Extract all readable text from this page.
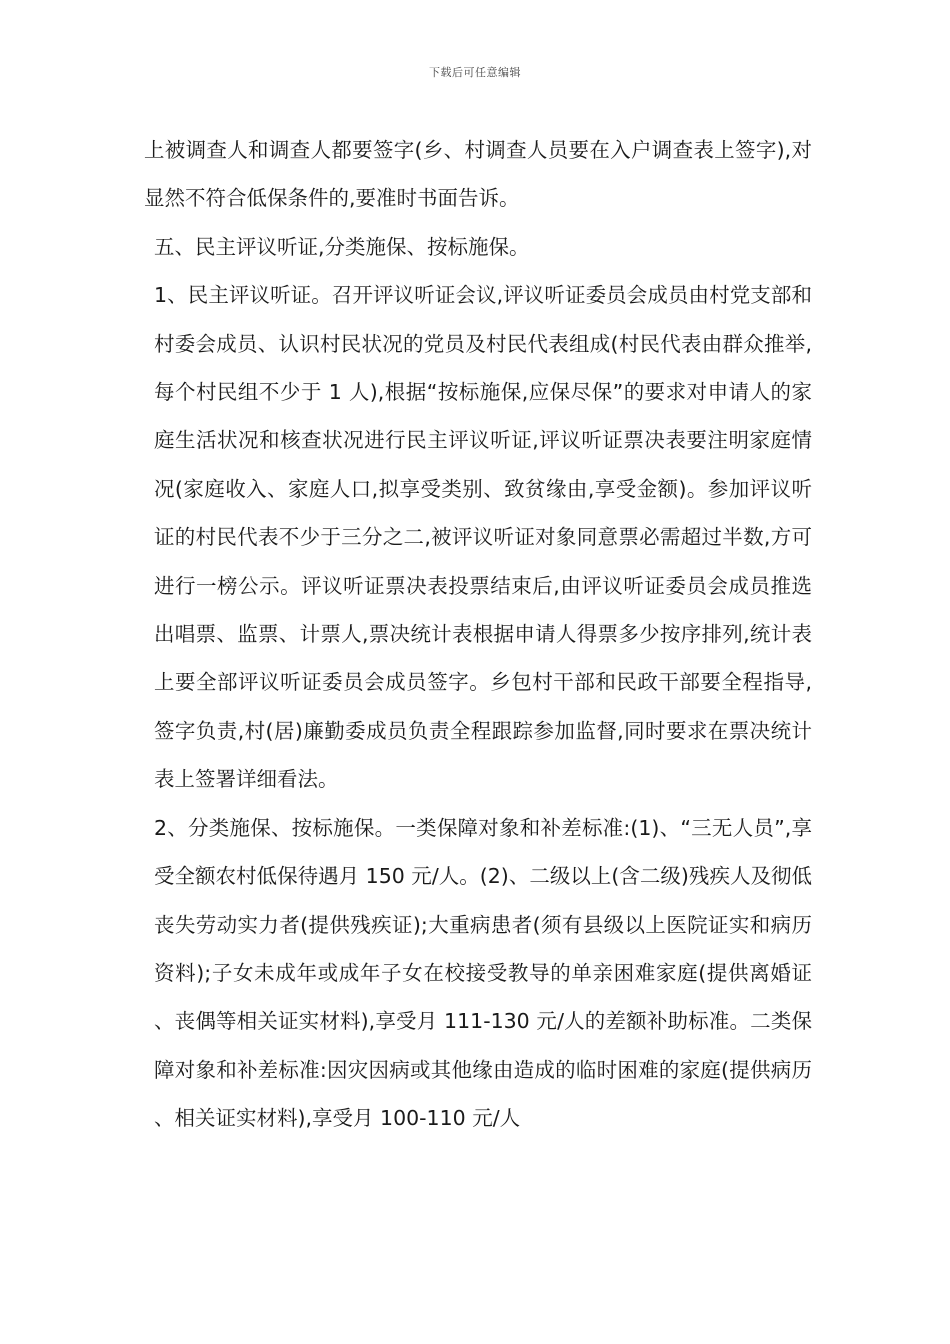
下载后可任意编辑

上被调查人和调查人都要签字(乡、村调查人员要在入户调查表上签字),对显然不符合低保条件的,要准时书面告诉。

五、民主评议听证,分类施保、按标施保。

1、民主评议听证。召开评议听证会议,评议听证委员会成员由村党支部和村委会成员、认识村民状况的党员及村民代表组成(村民代表由群众推举,每个村民组不少于 1 人),根据“按标施保,应保尽保”的要求对申请人的家庭生活状况和核查状况进行民主评议听证,评议听证票决表要注明家庭情况(家庭收入、家庭人口,拟享受类别、致贫缘由,享受金额)。参加评议听证的村民代表不少于三分之二,被评议听证对象同意票必需超过半数,方可进行一榜公示。评议听证票决表投票结束后,由评议听证委员会成员推选出唱票、监票、计票人,票决统计表根据申请人得票多少按序排列,统计表上要全部评议听证委员会成员签字。乡包村干部和民政干部要全程指导,签字负责,村(居)廉勤委成员负责全程跟踪参加监督,同时要求在票决统计表上签署详细看法。

2、分类施保、按标施保。一类保障对象和补差标准:(1)、“三无人员”,享受全额农村低保待遇月 150 元/人。(2)、二级以上(含二级)残疾人及彻低丧失劳动实力者(提供残疾证);大重病患者(须有县级以上医院证实和病历资料);子女未成年或成年子女在校接受教导的单亲困难家庭(提供离婚证、丧偶等相关证实材料),享受月 111-130 元/人的差额补助标准。二类保障对象和补差标准:因灾因病或其他缘由造成的临时困难的家庭(提供病历、相关证实材料),享受月 100-110 元/人
